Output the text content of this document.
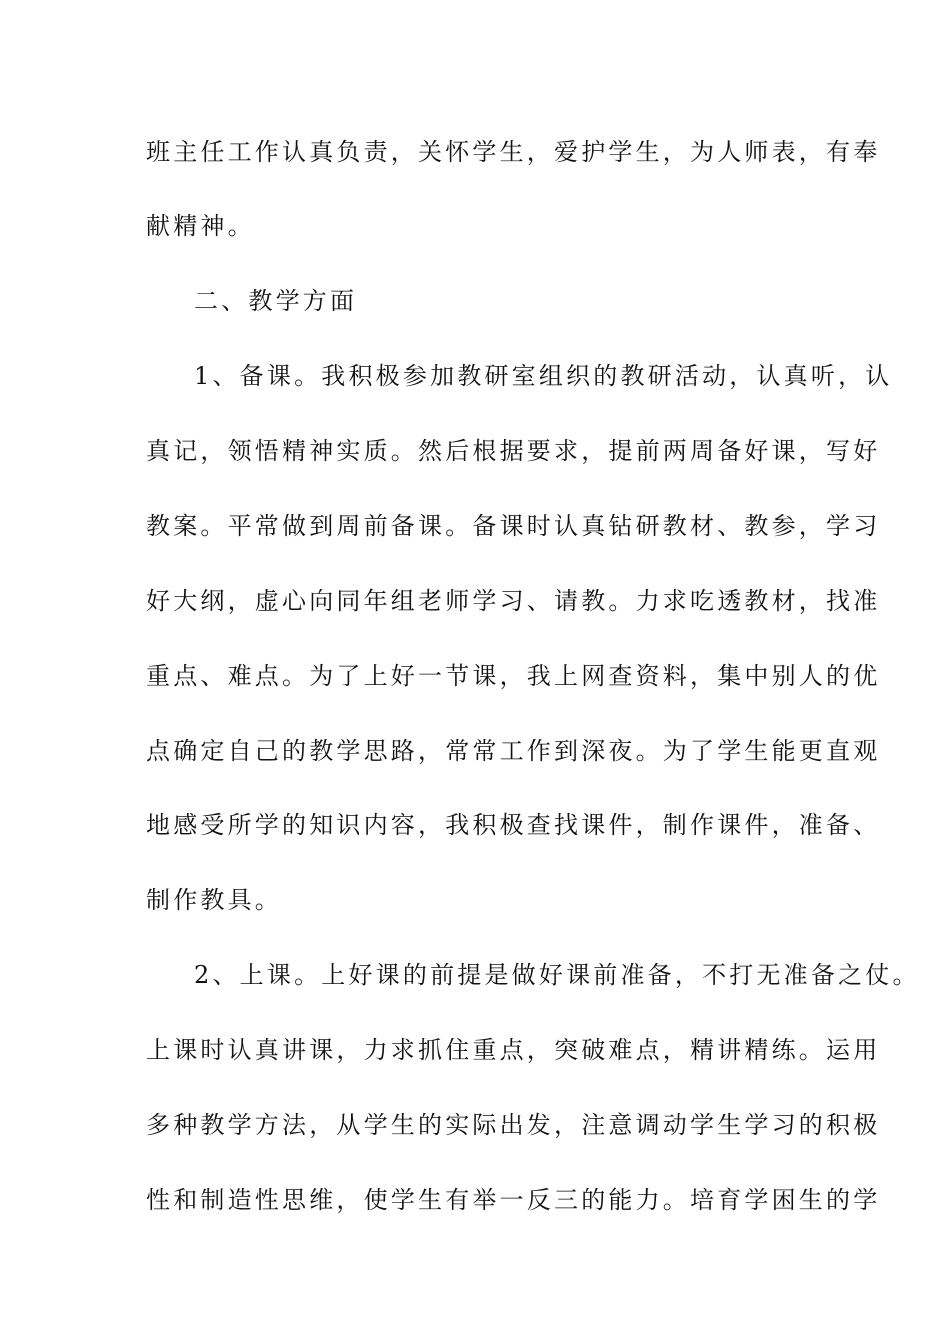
班主任工作认真负责，关怀学生，爱护学生，为人师表，有奉
献精神。
二、教学方面
1、备课。我积极参加教研室组织的教研活动，认真听，认
真记，领悟精神实质。然后根据要求，提前两周备好课，写好
教案。平常做到周前备课。备课时认真钻研教材、教参，学习
好大纲，虚心向同年组老师学习、请教。力求吃透教材，找准
重点、难点。为了上好一节课，我上网查资料，集中别人的优
点确定自己的教学思路，常常工作到深夜。为了学生能更直观
地感受所学的知识内容，我积极查找课件，制作课件，准备、
制作教具。
2、上课。上好课的前提是做好课前准备，不打无准备之仗。
上课时认真讲课，力求抓住重点，突破难点，精讲精练。运用
多种教学方法，从学生的实际出发，注意调动学生学习的积极
性和制造性思维，使学生有举一反三的能力。培育学困生的学
